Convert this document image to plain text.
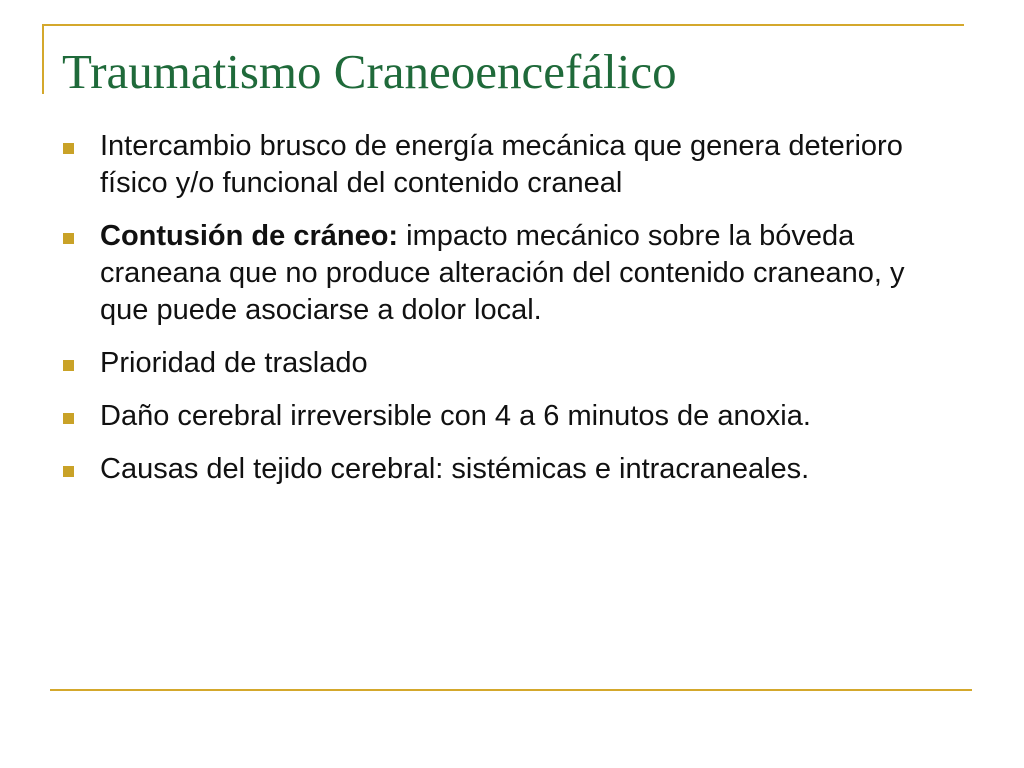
Traumatismo Craneoencefálico
Intercambio brusco de energía mecánica que genera deterioro físico y/o funcional del contenido craneal
Contusión de cráneo: impacto mecánico sobre la bóveda craneana que no produce alteración del contenido craneano, y que puede asociarse a dolor local.
Prioridad de traslado
Daño cerebral irreversible con 4 a 6 minutos de anoxia.
Causas del tejido cerebral: sistémicas e intracraneales.
